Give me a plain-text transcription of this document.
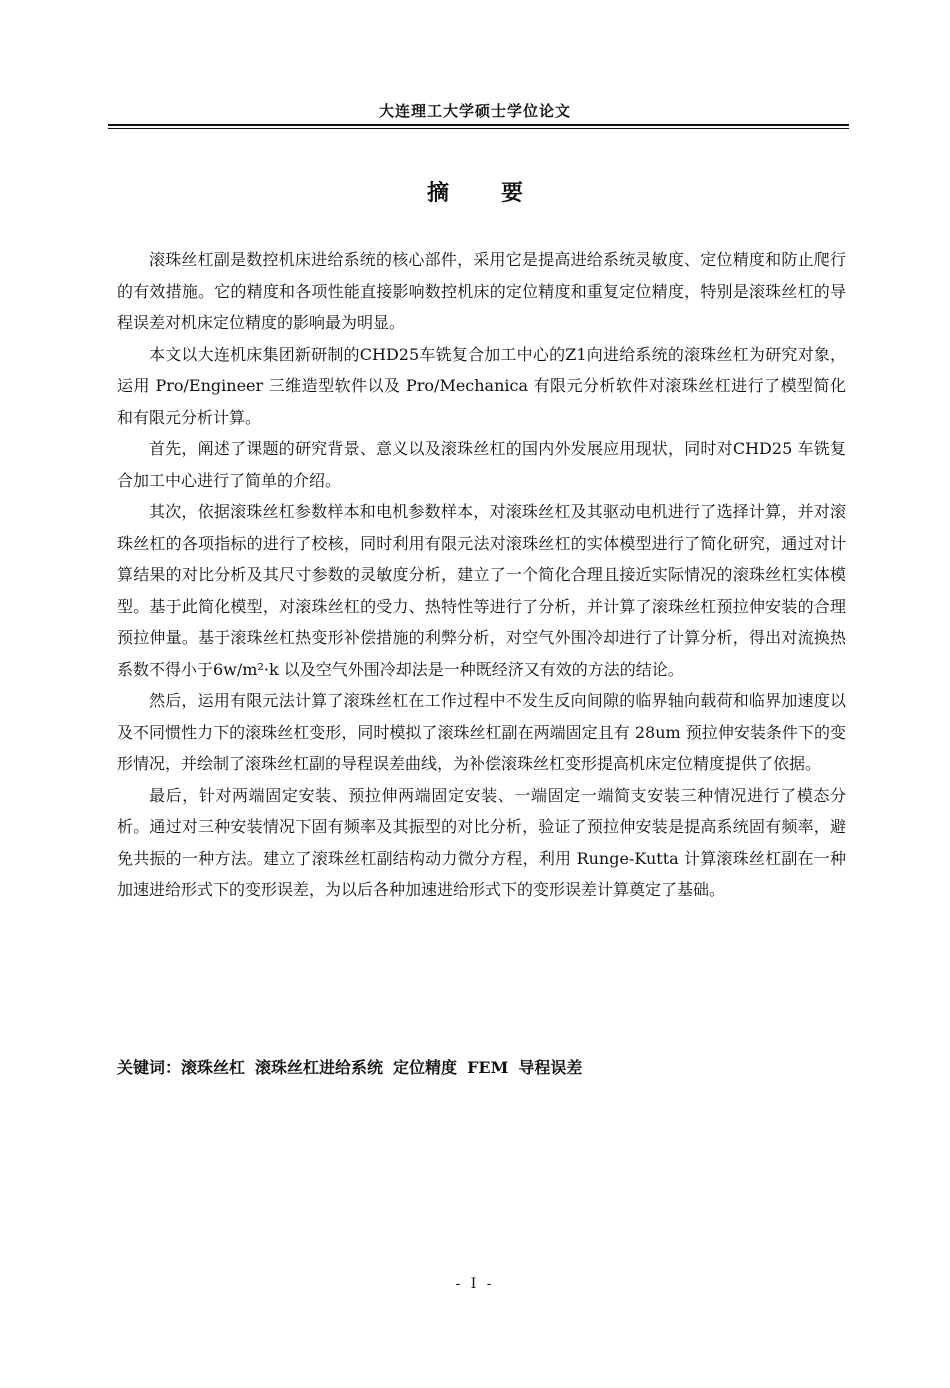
大连理工大学硕士学位论文
摘 要

滚珠丝杠副是数控机床进给系统的核心部件，采用它是提高进给系统灵敏度、定位精度和防止爬行的有效措施。它的精度和各项性能直接影响数控机床的定位精度和重复定位精度，特别是滚珠丝杠的导程误差对机床定位精度的影响最为明显。

本文以大连机床集团新研制的CHD25车铣复合加工中心的Z1向进给系统的滚珠丝杠为研究对象，运用 Pro/Engineer 三维造型软件以及 Pro/Mechanica 有限元分析软件对滚珠丝杠进行了模型简化和有限元分析计算。

首先，阐述了课题的研究背景、意义以及滚珠丝杠的国内外发展应用现状，同时对CHD25 车铣复合加工中心进行了简单的介绍。

其次，依据滚珠丝杠参数样本和电机参数样本，对滚珠丝杠及其驱动电机进行了选择计算，并对滚珠丝杠的各项指标的进行了校核，同时利用有限元法对滚珠丝杠的实体模型进行了简化研究，通过对计算结果的对比分析及其尺寸参数的灵敏度分析，建立了一个简化合理且接近实际情况的滚珠丝杠实体模型。基于此简化模型，对滚珠丝杠的受力、热特性等进行了分析，并计算了滚珠丝杠预拉伸安装的合理预拉伸量。基于滚珠丝杠热变形补偿措施的利弊分析，对空气外围冷却进行了计算分析，得出对流换热系数不得小于6w/m²·k 以及空气外围冷却法是一种既经济又有效的方法的结论。

然后，运用有限元法计算了滚珠丝杠在工作过程中不发生反向间隙的临界轴向载荷和临界加速度以及不同惯性力下的滚珠丝杠变形，同时模拟了滚珠丝杠副在两端固定且有 28um 预拉伸安装条件下的变形情况，并绘制了滚珠丝杠副的导程误差曲线，为补偿滚珠丝杠变形提高机床定位精度提供了依据。

最后，针对两端固定安装、预拉伸两端固定安装、一端固定一端简支安装三种情况进行了模态分析。通过对三种安装情况下固有频率及其振型的对比分析，验证了预拉伸安装是提高系统固有频率，避免共振的一种方法。建立了滚珠丝杠副结构动力微分方程，利用 Runge-Kutta 计算滚珠丝杠副在一种加速进给形式下的变形误差，为以后各种加速进给形式下的变形误差计算奠定了基础。

关键词：滚珠丝杠 滚珠丝杠进给系统 定位精度 FEM 导程误差
- I -
